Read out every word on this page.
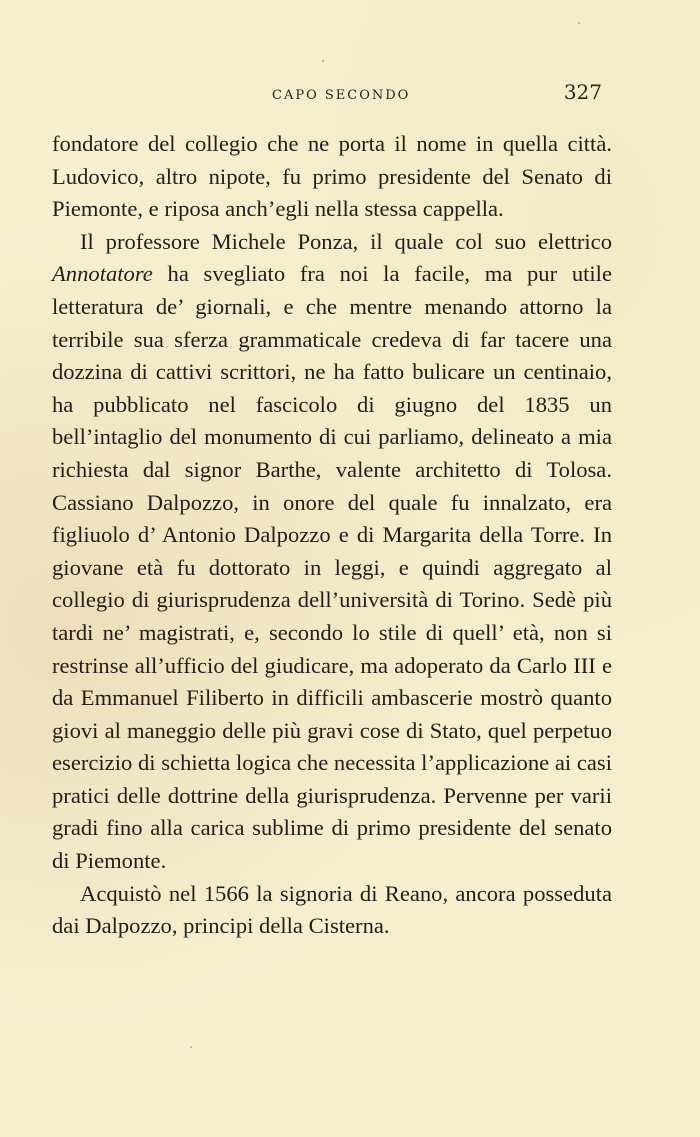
CAPO SECONDO	327

fondatore del collegio che ne porta il nome in quella città. Ludovico, altro nipote, fu primo presidente del Senato di Piemonte, e riposa anch’egli nella stessa cappella.

Il professore Michele Ponza, il quale col suo elettrico Annotatore ha svegliato fra noi la facile, ma pur utile letteratura de’ giornali, e che mentre menando attorno la terribile sua sferza grammaticale credeva di far tacere una dozzina di cattivi scrittori, ne ha fatto bulicare un centinaio, ha pubblicato nel fascicolo di giugno del 1835 un bell’intaglio del monumento di cui parliamo, delineato a mia richiesta dal signor Barthe, valente architetto di Tolosa. Cassiano Dalpozzo, in onore del quale fu innalzato, era figliuolo d’ Antonio Dalpozzo e di Margarita della Torre. In giovane età fu dottorato in leggi, e quindi aggregato al collegio di giurisprudenza dell’università di Torino. Sedè più tardi ne’ magistrati, e, secondo lo stile di quell’ età, non si restrinse all’ufficio del giudicare, ma adoperato da Carlo III e da Emmanuel Filiberto in difficili ambascerie mostrò quanto giovi al maneggio delle più gravi cose di Stato, quel perpetuo esercizio di schietta logica che necessita l’applicazione ai casi pratici delle dottrine della giurisprudenza. Pervenne per varii gradi fino alla carica sublime di primo presidente del senato di Piemonte.

Acquistò nel 1566 la signoria di Reano, ancora posseduta dai Dalpozzo, principi della Cisterna.
